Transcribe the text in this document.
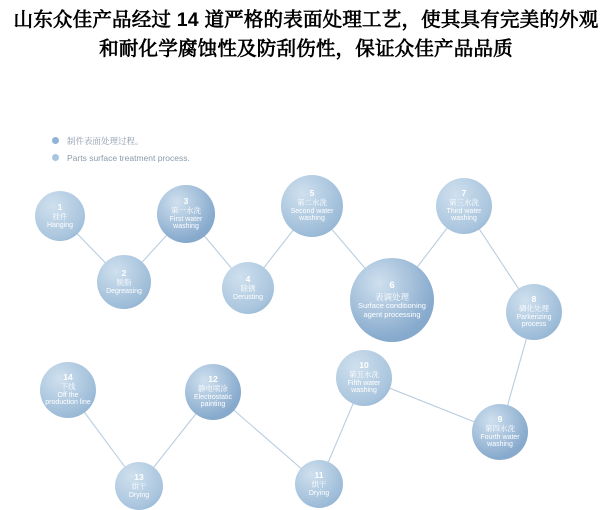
山东众佳产品经过 14 道严格的表面处理工艺，使其具有完美的外观和耐化学腐蚀性及防刮伤性，保证众佳产品品质
制件表面处理过程。
Parts surface treatment process.
1
挂件
Hanging
2
脱脂
Degreasing
3
第一水洗
First water washing
4
除锈
Derusting
5
第二水洗
Second water washing
6
表调处理
Surface conditioning agent processing
7
第三水洗
Third water washing
8
磷化处理
Parkerizing process
9
第四水洗
Fourth water washing
10
第五水洗
Fifth water washing
11
烘干
Drying
12
静电喷涂
Electrostatic painting
13
烘干
Drying
14
下线
Off the production line
